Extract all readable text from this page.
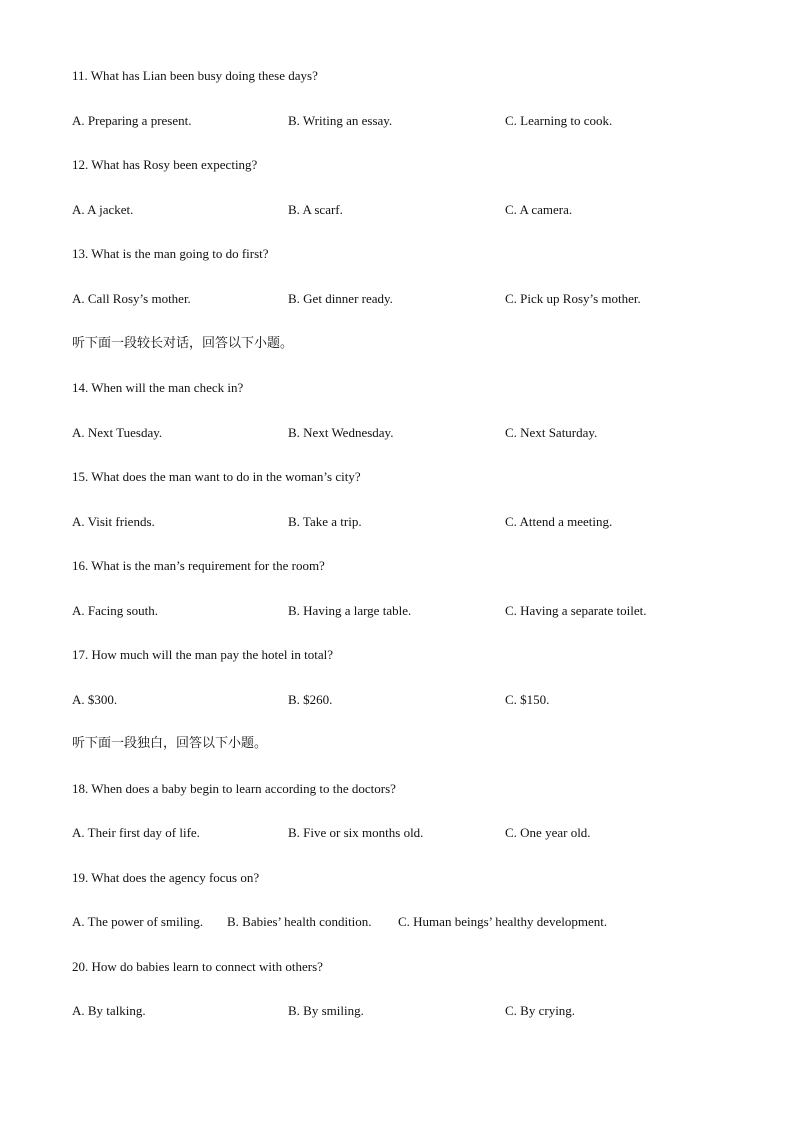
11. What has Lian been busy doing these days?
A. Preparing a present.	B. Writing an essay.	C. Learning to cook.
12. What has Rosy been expecting?
A. A jacket.	B. A scarf.	C. A camera.
13. What is the man going to do first?
A. Call Rosy’s mother.	B. Get dinner ready.	C. Pick up Rosy’s mother.
听下面一段较长对话，回答以下小题。
14. When will the man check in?
A. Next Tuesday.	B. Next Wednesday.	C. Next Saturday.
15. What does the man want to do in the woman’s city?
A. Visit friends.	B. Take a trip.	C. Attend a meeting.
16. What is the man’s requirement for the room?
A. Facing south.	B. Having a large table.	C. Having a separate toilet.
17. How much will the man pay the hotel in total?
A. $300.	B. $260.	C. $150.
听下面一段独白，回答以下小题。
18. When does a baby begin to learn according to the doctors?
A. Their first day of life.	B. Five or six months old.	C. One year old.
19. What does the agency focus on?
A. The power of smiling. B. Babies’ health condition. C. Human beings’ healthy development.
20. How do babies learn to connect with others?
A. By talking.	B. By smiling.	C. By crying.
